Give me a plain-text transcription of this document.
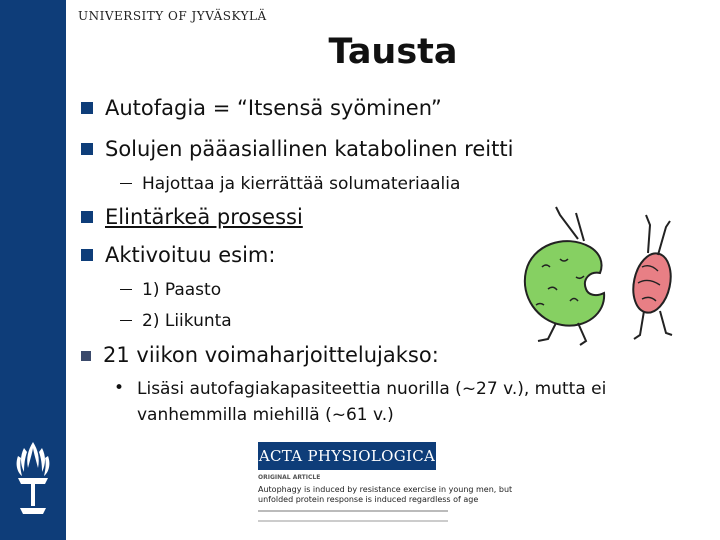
UNIVERSITY OF JYVÄSKYLÄ
Tausta
Autofagia = “Itsensä syöminen”
Solujen pääasiallinen katabolinen reitti
Hajottaa ja kierrättää solumateriaalia
Elintärkeä prosessi
Aktivoituu esim:
1) Paasto
2) Liikunta
21 viikon voimaharjoittelujakso:
• Lisäsi autofagiakapasiteettia nuorilla (~27 v.), mutta ei
vanhemmilla miehillä (~61 v.)
ACTA PHYSIOLOGICA
ORIGINAL ARTICLE
Autophagy is induced by resistance exercise in young men, but
unfolded protein response is induced regardless of age
